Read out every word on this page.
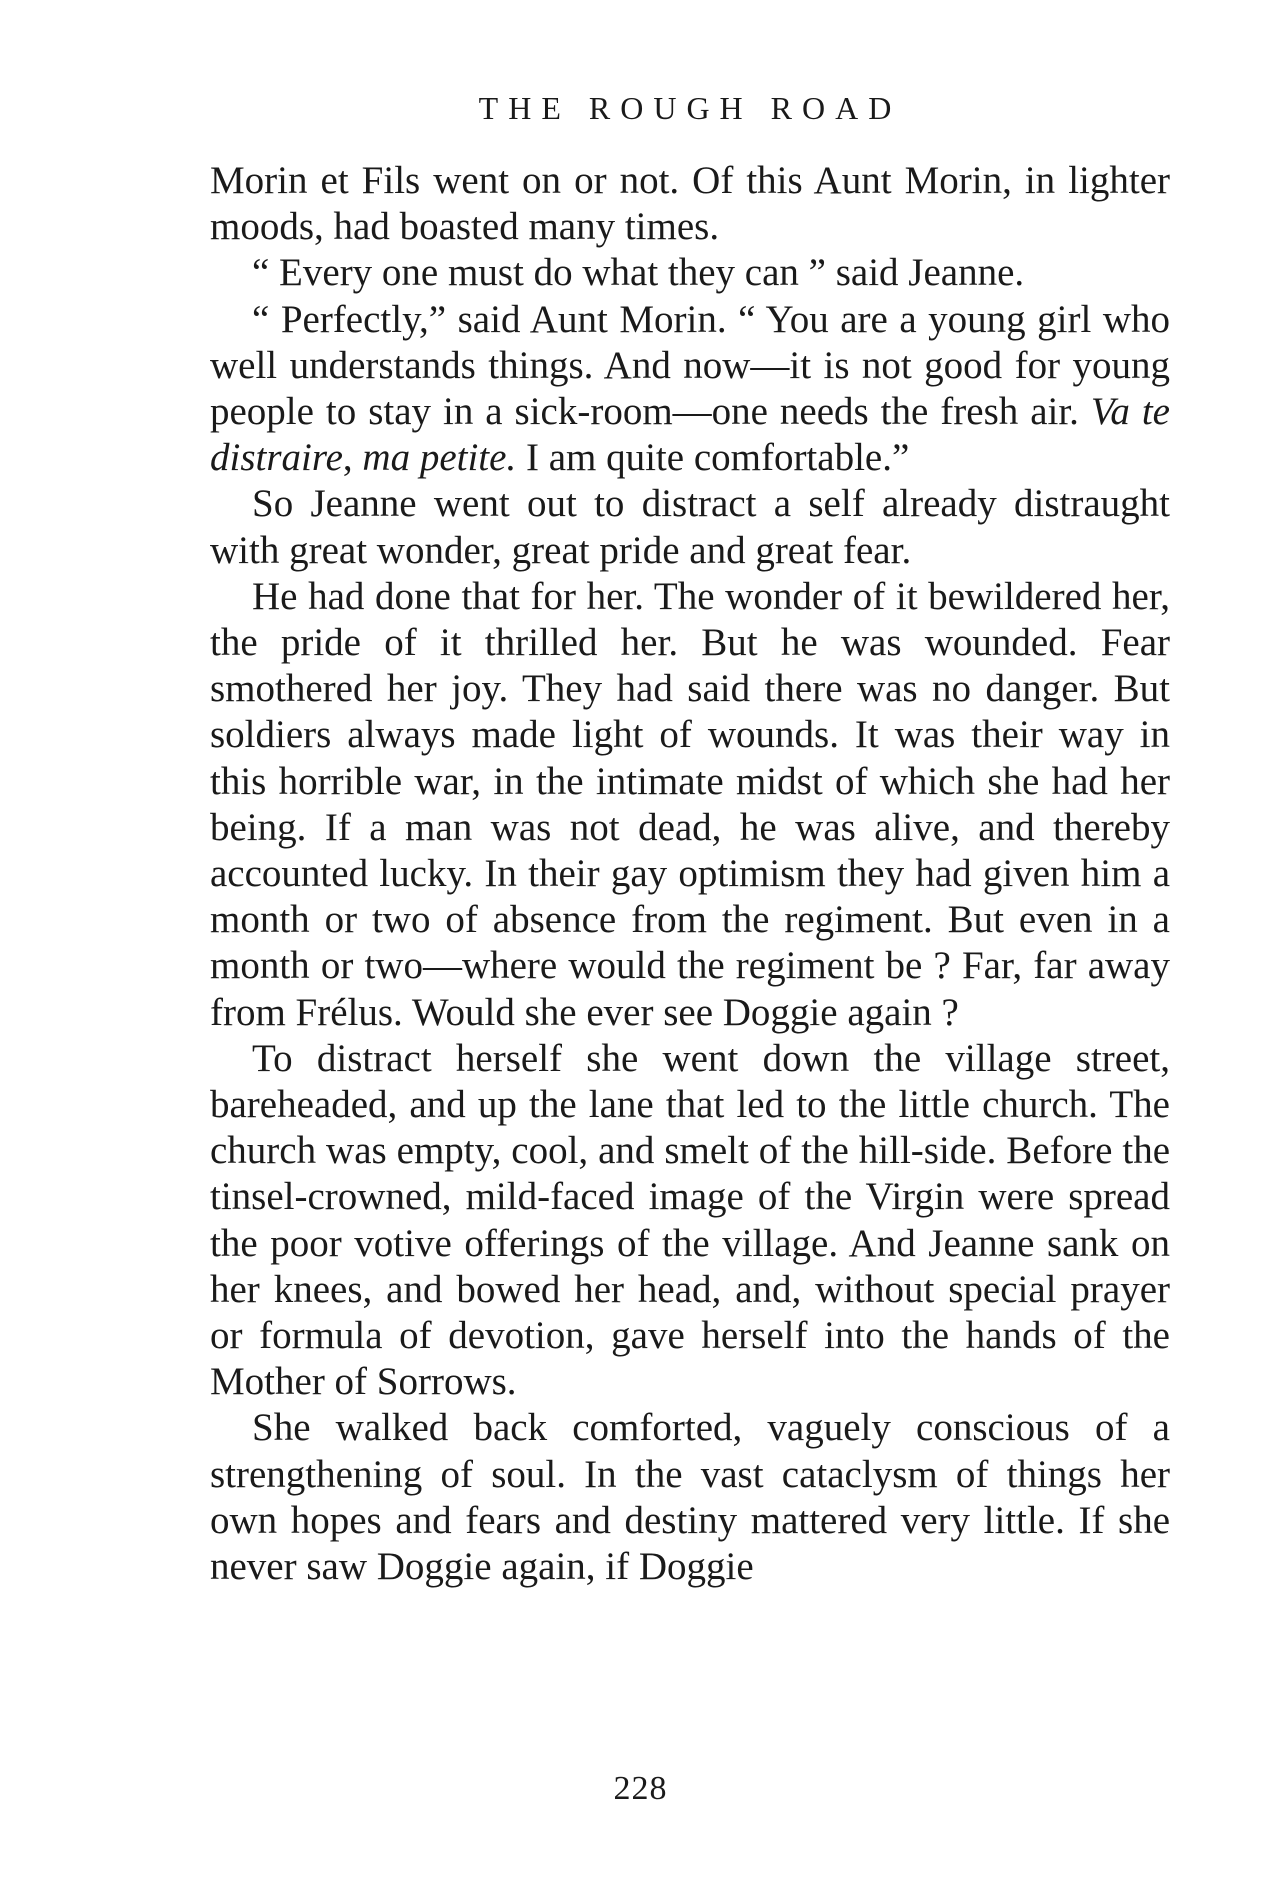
THE ROUGH ROAD

Morin et Fils went on or not. Of this Aunt Morin, in lighter moods, had boasted many times.

“ Every one must do what they can ” said Jeanne.

“ Perfectly,” said Aunt Morin. “ You are a young girl who well understands things. And now—it is not good for young people to stay in a sick-room—one needs the fresh air. Va te distraire, ma petite. I am quite comfortable.”

So Jeanne went out to distract a self already distraught with great wonder, great pride and great fear.

He had done that for her. The wonder of it bewildered her, the pride of it thrilled her. But he was wounded. Fear smothered her joy. They had said there was no danger. But soldiers always made light of wounds. It was their way in this horrible war, in the intimate midst of which she had her being. If a man was not dead, he was alive, and thereby accounted lucky. In their gay optimism they had given him a month or two of absence from the regiment. But even in a month or two—where would the regiment be ? Far, far away from Frélus. Would she ever see Doggie again ?

To distract herself she went down the village street, bareheaded, and up the lane that led to the little church. The church was empty, cool, and smelt of the hill-side. Before the tinsel-crowned, mild-faced image of the Virgin were spread the poor votive offerings of the village. And Jeanne sank on her knees, and bowed her head, and, without special prayer or formula of devotion, gave herself into the hands of the Mother of Sorrows.

She walked back comforted, vaguely conscious of a strengthening of soul. In the vast cataclysm of things her own hopes and fears and destiny mattered very little. If she never saw Doggie again, if Doggie

228
